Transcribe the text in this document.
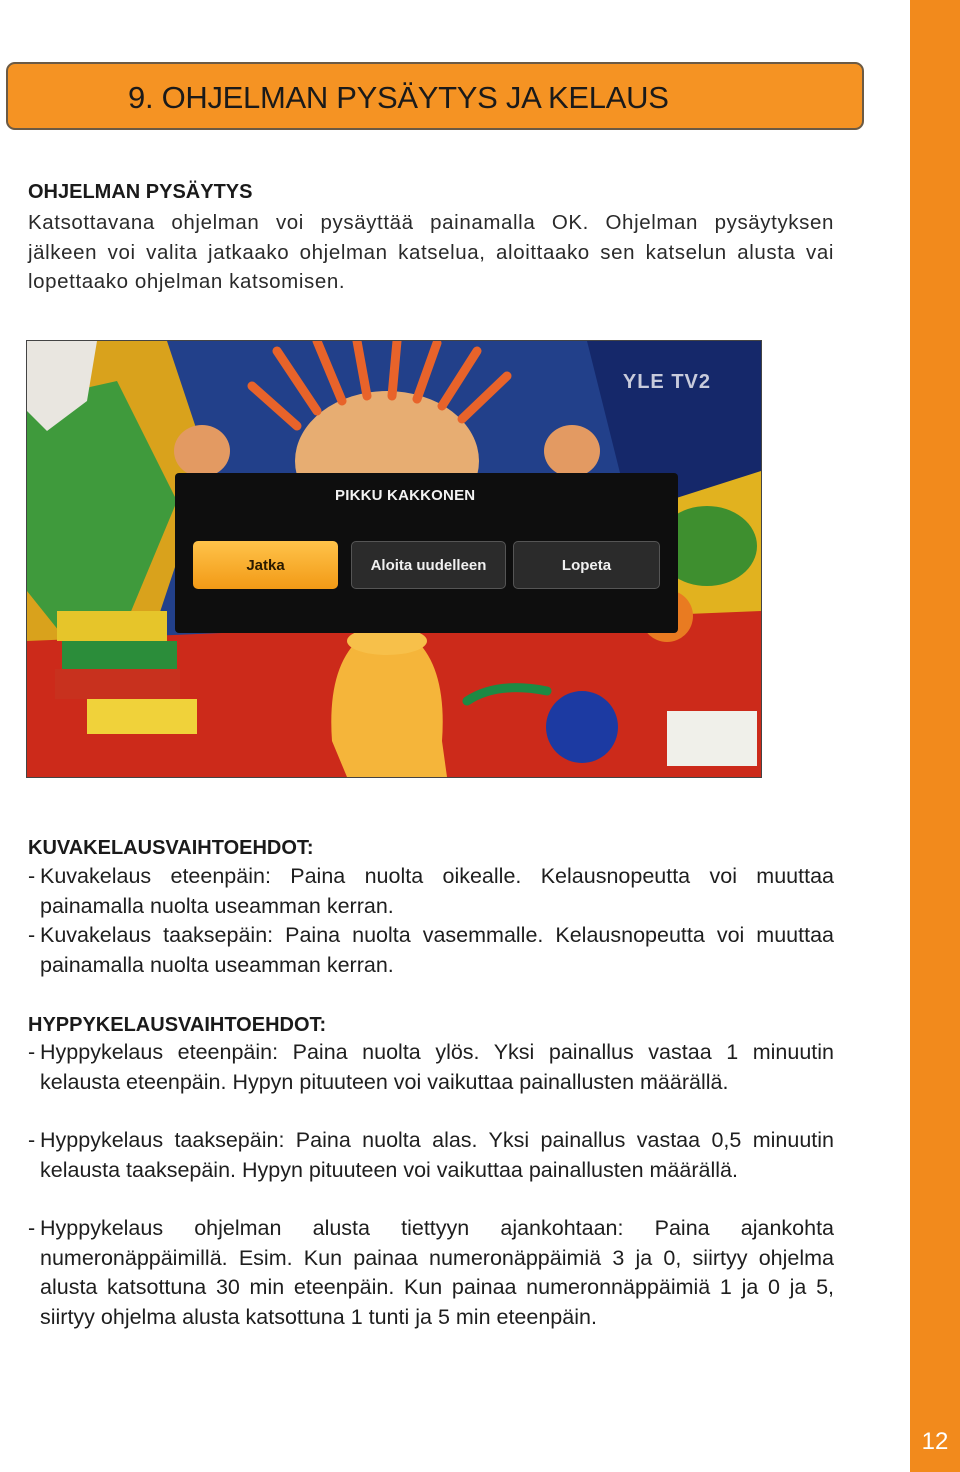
12
9. OHJELMAN PYSÄYTYS JA KELAUS
OHJELMAN PYSÄYTYS

Katsottavana ohjelman voi pysäyttää painamalla OK. Ohjelman pysäytyksen jälkeen voi valita jatkaako ohjelman katselua, aloittaako sen katselun alusta vai lopettaako ohjelman katsomisen.

YLE TV2
PIKKU KAKKONEN
Jatka	Aloita uudelleen	Lopeta
KUVAKELAUSVAIHTOEHDOT:
- Kuvakelaus eteenpäin: Paina nuolta oikealle. Kelausnopeutta voi muuttaa painamalla nuolta useamman kerran.
- Kuvakelaus taaksepäin: Paina nuolta vasemmalle. Kelausnopeutta voi muuttaa painamalla nuolta useamman kerran.
HYPPYKELAUSVAIHTOEHDOT:
- Hyppykelaus eteenpäin: Paina nuolta ylös. Yksi painallus vastaa 1 minuutin kelausta eteenpäin. Hypyn pituuteen voi vaikuttaa painallusten määrällä.
- Hyppykelaus taaksepäin: Paina nuolta alas. Yksi painallus vastaa 0,5 minuutin kelausta taaksepäin. Hypyn pituuteen voi vaikuttaa painallusten määrällä.
- Hyppykelaus ohjelman alusta tiettyyn ajankohtaan: Paina ajankohta numeronäppäimillä. Esim. Kun painaa numeronäppäimiä 3 ja 0, siirtyy ohjelma alusta katsottuna 30 min eteenpäin. Kun painaa numeronnäppäimiä 1 ja 0 ja 5, siirtyy ohjelma alusta katsottuna 1 tunti ja 5 min eteenpäin.
